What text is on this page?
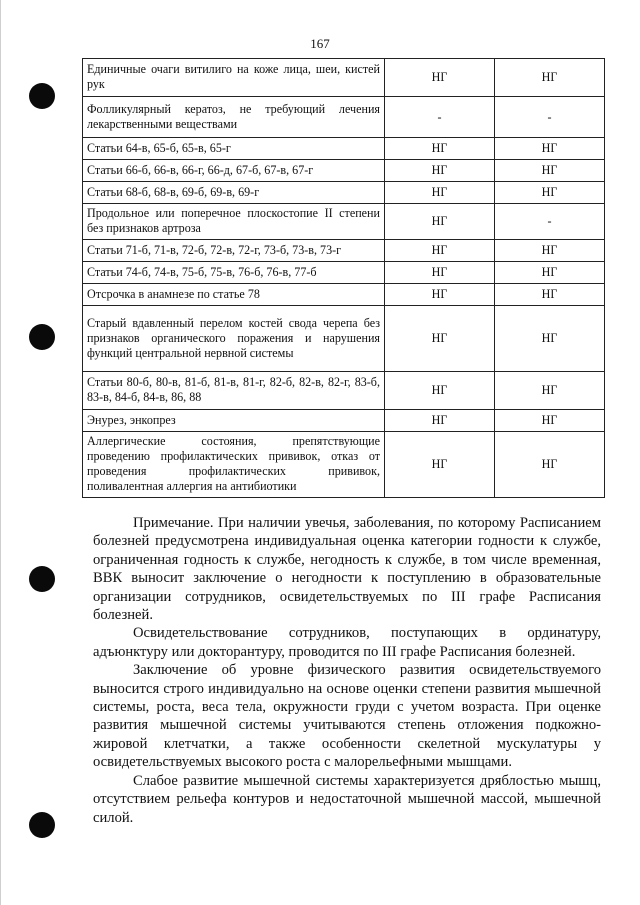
167
Единичные очаги витилиго на коже лица, шеи, кистей рук	НГ	НГ
Фолликулярный кератоз, не требующий лечения лекарственными веществами	-	-
Статьи 64-в, 65-б, 65-в, 65-г	НГ	НГ
Статьи 66-б, 66-в, 66-г, 66-д, 67-б, 67-в, 67-г	НГ	НГ
Статьи 68-б, 68-в, 69-б, 69-в, 69-г	НГ	НГ
Продольное или поперечное плоскостопие II степени без признаков артроза	НГ	-
Статьи 71-б, 71-в, 72-б, 72-в, 72-г, 73-б, 73-в, 73-г	НГ	НГ
Статьи 74-б, 74-в, 75-б, 75-в, 76-б, 76-в, 77-б	НГ	НГ
Отсрочка в анамнезе по статье 78	НГ	НГ
Старый вдавленный перелом костей свода черепа без признаков органического поражения и нарушения функций центральной нервной системы	НГ	НГ
Статьи 80-б, 80-в, 81-б, 81-в, 81-г, 82-б, 82-в, 82-г, 83-б, 83-в, 84-б, 84-в, 86, 88	НГ	НГ
Энурез, энкопрез	НГ	НГ
Аллергические состояния, препятствующие проведению профилактических прививок, отказ от проведения профилактических прививок, поливалентная аллергия на антибиотики	НГ	НГ

Примечание. При наличии увечья, заболевания, по которому Расписанием болезней предусмотрена индивидуальная оценка категории годности к службе, ограниченная годность к службе, негодность к службе, в том числе временная, ВВК выносит заключение о негодности к поступлению в образовательные организации сотрудников, освидетельствуемых по III графе Расписания болезней.

Освидетельствование сотрудников, поступающих в ординатуру, адъюнктуру или докторантуру, проводится по III графе Расписания болезней.

Заключение об уровне физического развития освидетельствуемого выносится строго индивидуально на основе оценки степени развития мышечной системы, роста, веса тела, окружности груди с учетом возраста. При оценке развития мышечной системы учитываются степень отложения подкожно-жировой клетчатки, а также особенности скелетной мускулатуры у освидетельствуемых высокого роста с малорельефными мышцами.

Слабое развитие мышечной системы характеризуется дряблостью мышц, отсутствием рельефа контуров и недостаточной мышечной массой, мышечной силой.
